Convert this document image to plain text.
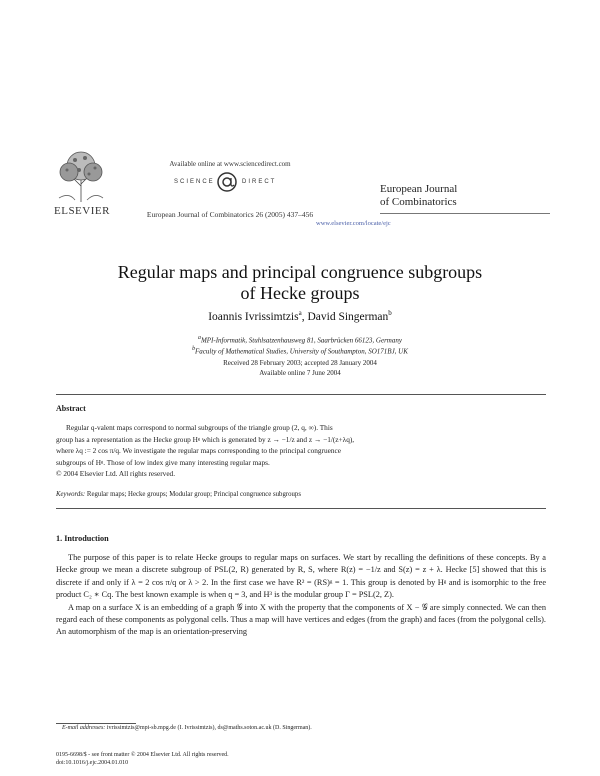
ELSEVIER
Available online at www.sciencedirect.com
SCIENCE	DIRECT
European Journal of Combinatorics 26 (2005) 437–456
European Journal
of Combinatorics
www.elsevier.com/locate/ejc
Regular maps and principal congruence subgroups
of Hecke groups
Ioannis Ivrissimtzis$^a$, David Singerman$^b$
$^a$MPI-Informatik, Stuhlsatzenhausweg 81, Saarbrücken 66123, Germany
$^b$Faculty of Mathematical Studies, University of Southampton, SO171BJ, UK
Received 28 February 2003; accepted 28 January 2004
Available online 7 June 2004
Abstract
Regular q-valent maps correspond to normal subgroups of the triangle group (2, q, ∞). This
group has a representation as the Hecke group Hᵍ which is generated by z → −1/z and z → −1/(z+λq),
where λq := 2 cos π/q. We investigate the regular maps corresponding to the principal congruence
subgroups of Hᵍ. Those of low index give many interesting regular maps.
© 2004 Elsevier Ltd. All rights reserved.
Keywords: Regular maps; Hecke groups; Modular group; Principal congruence subgroups
1. Introduction

The purpose of this paper is to relate Hecke groups to regular maps on surfaces. We start by recalling the definitions of these concepts. By a Hecke group we mean a discrete subgroup of PSL(2, R) generated by R, S, where R(z) = −1/z and S(z) = z + λ. Hecke [5] showed that this is discrete if and only if λ = 2 cos π/q or λ > 2. In the first case we have R² = (RS)ᵍ = 1. This group is denoted by Hᵍ and is isomorphic to the free product C₂ ∗ Cq. The best known example is when q = 3, and H³ is the modular group Γ = PSL(2, Z).

A map on a surface X is an embedding of a graph 𝒢 into X with the property that the components of X − 𝒢 are simply connected. We can then regard each of these components as polygonal cells. Thus a map will have vertices and edges (from the graph) and faces (from the polygonal cells). An automorphism of the map is an orientation-preserving

E-mail addresses: ivrissimtzis@mpi-sb.mpg.de (I. Ivrissimtzis), ds@maths.soton.ac.uk (D. Singerman).
0195-6698/$ - see front matter © 2004 Elsevier Ltd. All rights reserved.
doi:10.1016/j.ejc.2004.01.010
